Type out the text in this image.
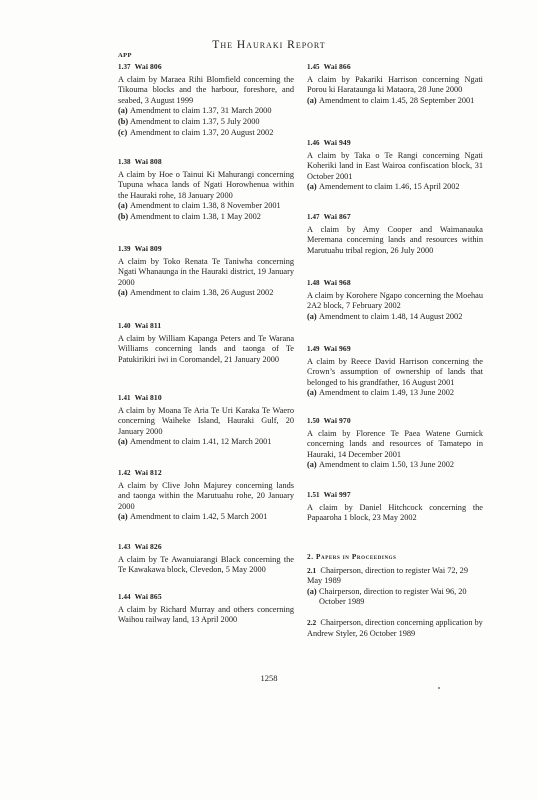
The Hauraki Report
APP
1.37 Wai 806
A claim by Maraea Rihi Blomfield concerning the Tikouma blocks and the harbour, foreshore, and seabed, 3 August 1999
(a) Amendment to claim 1.37, 31 March 2000
(b) Amendment to claim 1.37, 5 July 2000
(c) Amendment to claim 1.37, 20 August 2002
1.38 Wai 808
A claim by Hoe o Tainui Ki Mahurangi concerning Tupuna whaca lands of Ngati Horowhenua within the Hauraki rohe, 18 January 2000
(a) Amendment to claim 1.38, 8 November 2001
(b) Amendment to claim 1.38, 1 May 2002
1.39 Wai 809
A claim by Toko Renata Te Taniwha concerning Ngati Whanaunga in the Hauraki district, 19 January 2000
(a) Amendment to claim 1.38, 26 August 2002
1.40 Wai 811
A claim by William Kapanga Peters and Te Warana Williams concerning lands and taonga of Te Patukirikiri iwi in Coromandel, 21 January 2000
1.41 Wai 810
A claim by Moana Te Aria Te Uri Karaka Te Waero concerning Waiheke Island, Hauraki Gulf, 20 January 2000
(a) Amendment to claim 1.41, 12 March 2001
1.42 Wai 812
A claim by Clive John Majurey concerning lands and taonga within the Marutuahu rohe, 20 January 2000
(a) Amendment to claim 1.42, 5 March 2001
1.43 Wai 826
A claim by Te Awanuiarangi Black concerning the Te Kawakawa block, Clevedon, 5 May 2000
1.44 Wai 865
A claim by Richard Murray and others concerning Waihou railway land, 13 April 2000
1.45 Wai 866
A claim by Pakariki Harrison concerning Ngati Porou ki Harataunga ki Mataora, 28 June 2000
(a) Amendment to claim 1.45, 28 September 2001
1.46 Wai 949
A claim by Taka o Te Rangi concerning Ngati Koheriki land in East Wairoa confiscation block, 31 October 2001
(a) Amendement to claim 1.46, 15 April 2002
1.47 Wai 867
A claim by Amy Cooper and Waimanauka Meremana concerning lands and resources within Marutuahu tribal region, 26 July 2000
1.48 Wai 968
A claim by Korohere Ngapo concerning the Moehau 2A2 block, 7 February 2002
(a) Amendment to claim 1.48, 14 August 2002
1.49 Wai 969
A claim by Reece David Harrison concerning the Crown’s assumption of ownership of lands that belonged to his grandfather, 16 August 2001
(a) Amendment to claim 1.49, 13 June 2002
1.50 Wai 970
A claim by Florence Te Paea Watene Gurnick concerning lands and resources of Tamatepo in Hauraki, 14 December 2001
(a) Amendment to claim 1.50, 13 June 2002
1.51 Wai 997
A claim by Daniel Hitchcock concerning the Papaaroha 1 block, 23 May 2002
2. Papers in Proceedings
2.1 Chairperson, direction to register Wai 72, 29 May 1989
(a) Chairperson, direction to register Wai 96, 20 October 1989
2.2 Chairperson, direction concerning application by Andrew Styler, 26 October 1989
1258
